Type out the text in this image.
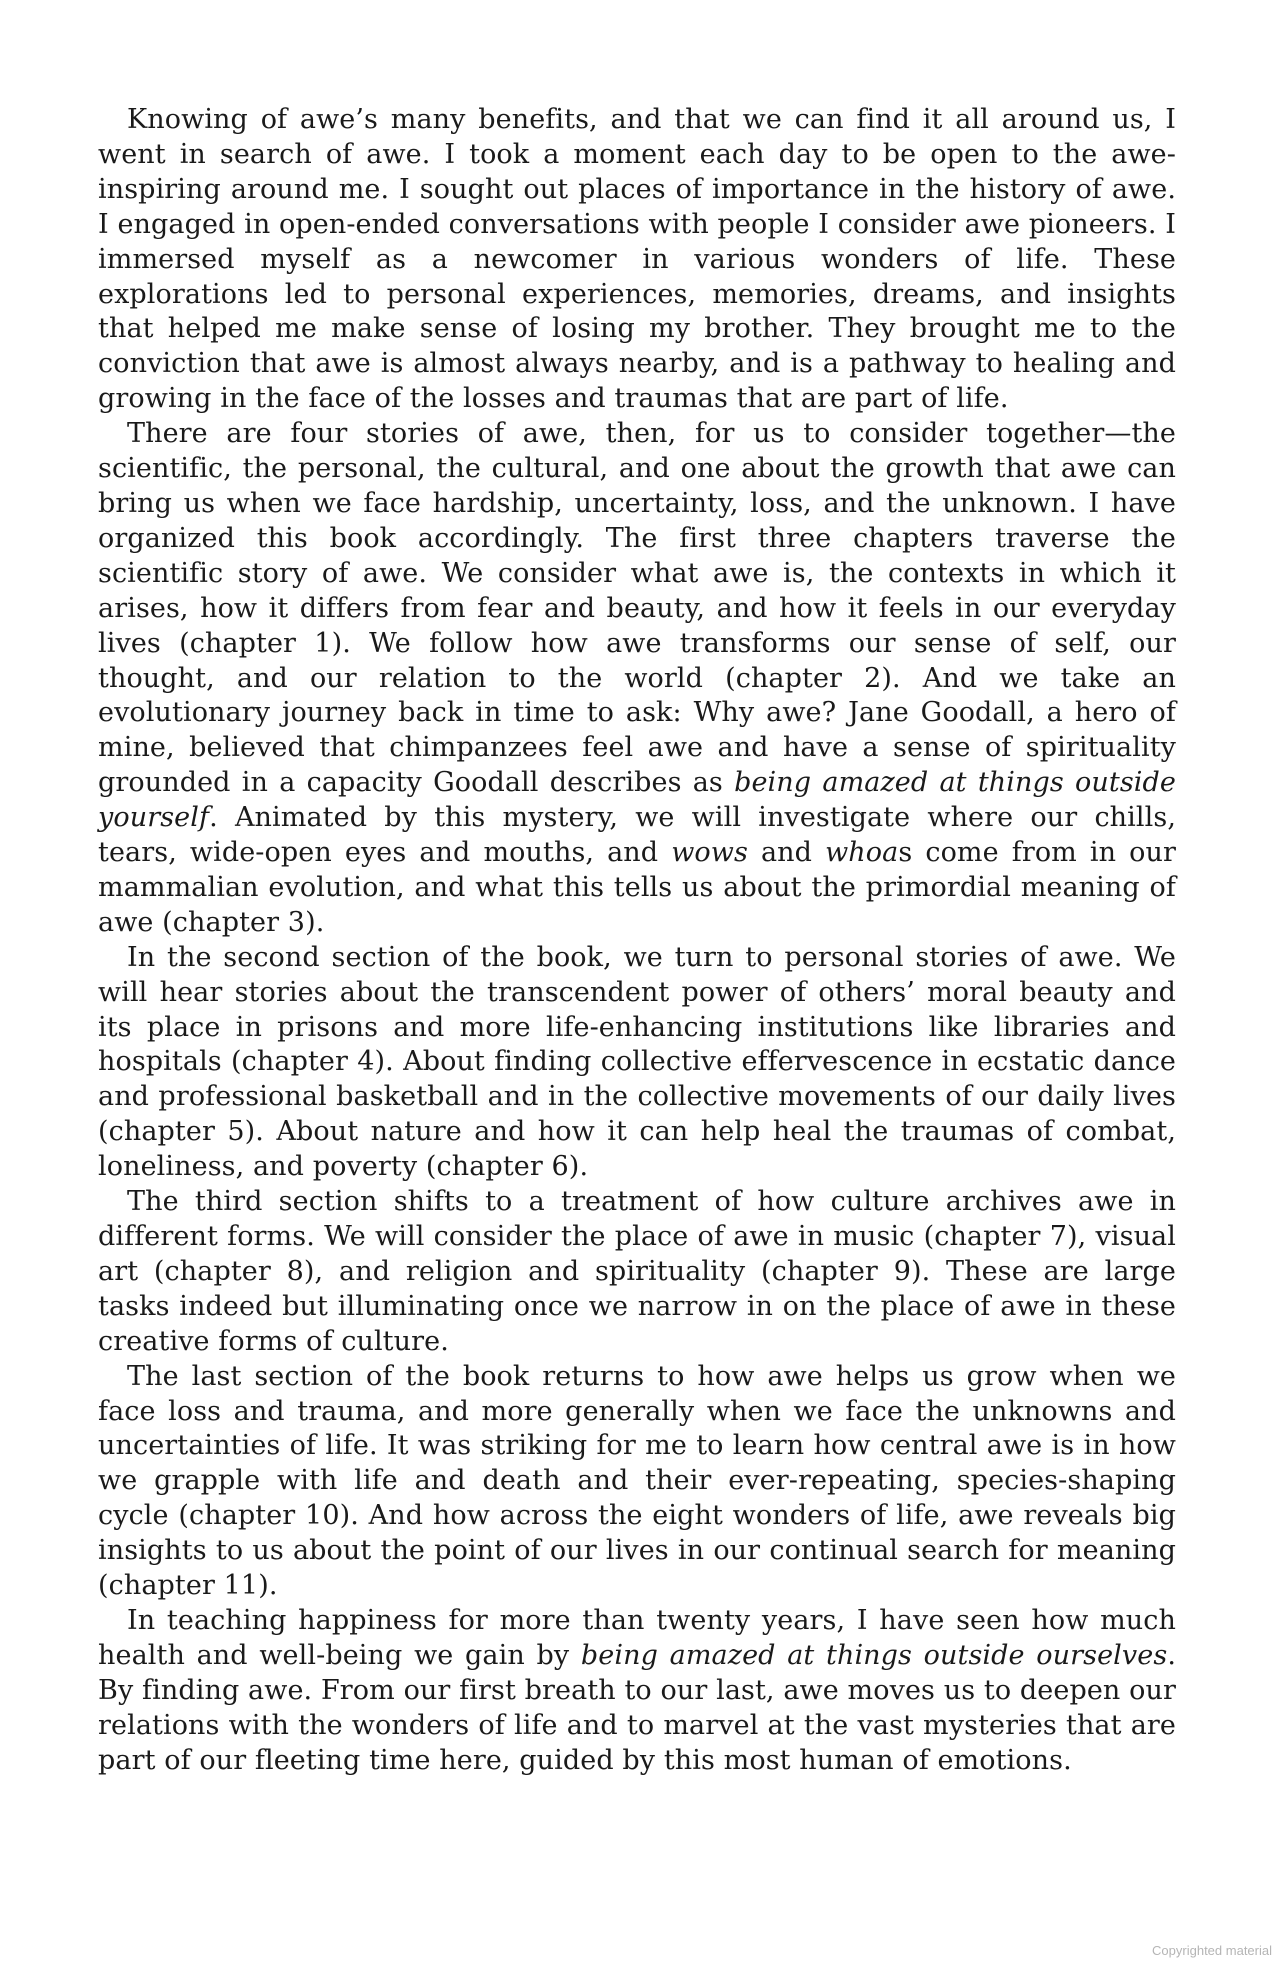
Knowing of awe’s many benefits, and that we can find it all around us, I went in search of awe. I took a moment each day to be open to the awe-inspiring around me. I sought out places of importance in the history of awe. I engaged in open-ended conversations with people I consider awe pioneers. I immersed myself as a newcomer in various wonders of life. These explorations led to personal experiences, memories, dreams, and insights that helped me make sense of losing my brother. They brought me to the conviction that awe is almost always nearby, and is a pathway to healing and growing in the face of the losses and traumas that are part of life.

There are four stories of awe, then, for us to consider together—the scientific, the personal, the cultural, and one about the growth that awe can bring us when we face hardship, uncertainty, loss, and the unknown. I have organized this book accordingly. The first three chapters traverse the scientific story of awe. We consider what awe is, the contexts in which it arises, how it differs from fear and beauty, and how it feels in our everyday lives (chapter 1). We follow how awe transforms our sense of self, our thought, and our relation to the world (chapter 2). And we take an evolutionary journey back in time to ask: Why awe? Jane Goodall, a hero of mine, believed that chimpanzees feel awe and have a sense of spirituality grounded in a capacity Goodall describes as being amazed at things outside yourself. Animated by this mystery, we will investigate where our chills, tears, wide-open eyes and mouths, and wows and whoas come from in our mammalian evolution, and what this tells us about the primordial meaning of awe (chapter 3).

In the second section of the book, we turn to personal stories of awe. We will hear stories about the transcendent power of others’ moral beauty and its place in prisons and more life-enhancing institutions like libraries and hospitals (chapter 4). About finding collective effervescence in ecstatic dance and professional basketball and in the collective movements of our daily lives (chapter 5). About nature and how it can help heal the traumas of combat, loneliness, and poverty (chapter 6).

The third section shifts to a treatment of how culture archives awe in different forms. We will consider the place of awe in music (chapter 7), visual art (chapter 8), and religion and spirituality (chapter 9). These are large tasks indeed but illuminating once we narrow in on the place of awe in these creative forms of culture.

The last section of the book returns to how awe helps us grow when we face loss and trauma, and more generally when we face the unknowns and uncertainties of life. It was striking for me to learn how central awe is in how we grapple with life and death and their ever-repeating, species-shaping cycle (chapter 10). And how across the eight wonders of life, awe reveals big insights to us about the point of our lives in our continual search for meaning (chapter 11).

In teaching happiness for more than twenty years, I have seen how much health and well-being we gain by being amazed at things outside ourselves. By finding awe. From our first breath to our last, awe moves us to deepen our relations with the wonders of life and to marvel at the vast mysteries that are part of our fleeting time here, guided by this most human of emotions.

Copyrighted material
